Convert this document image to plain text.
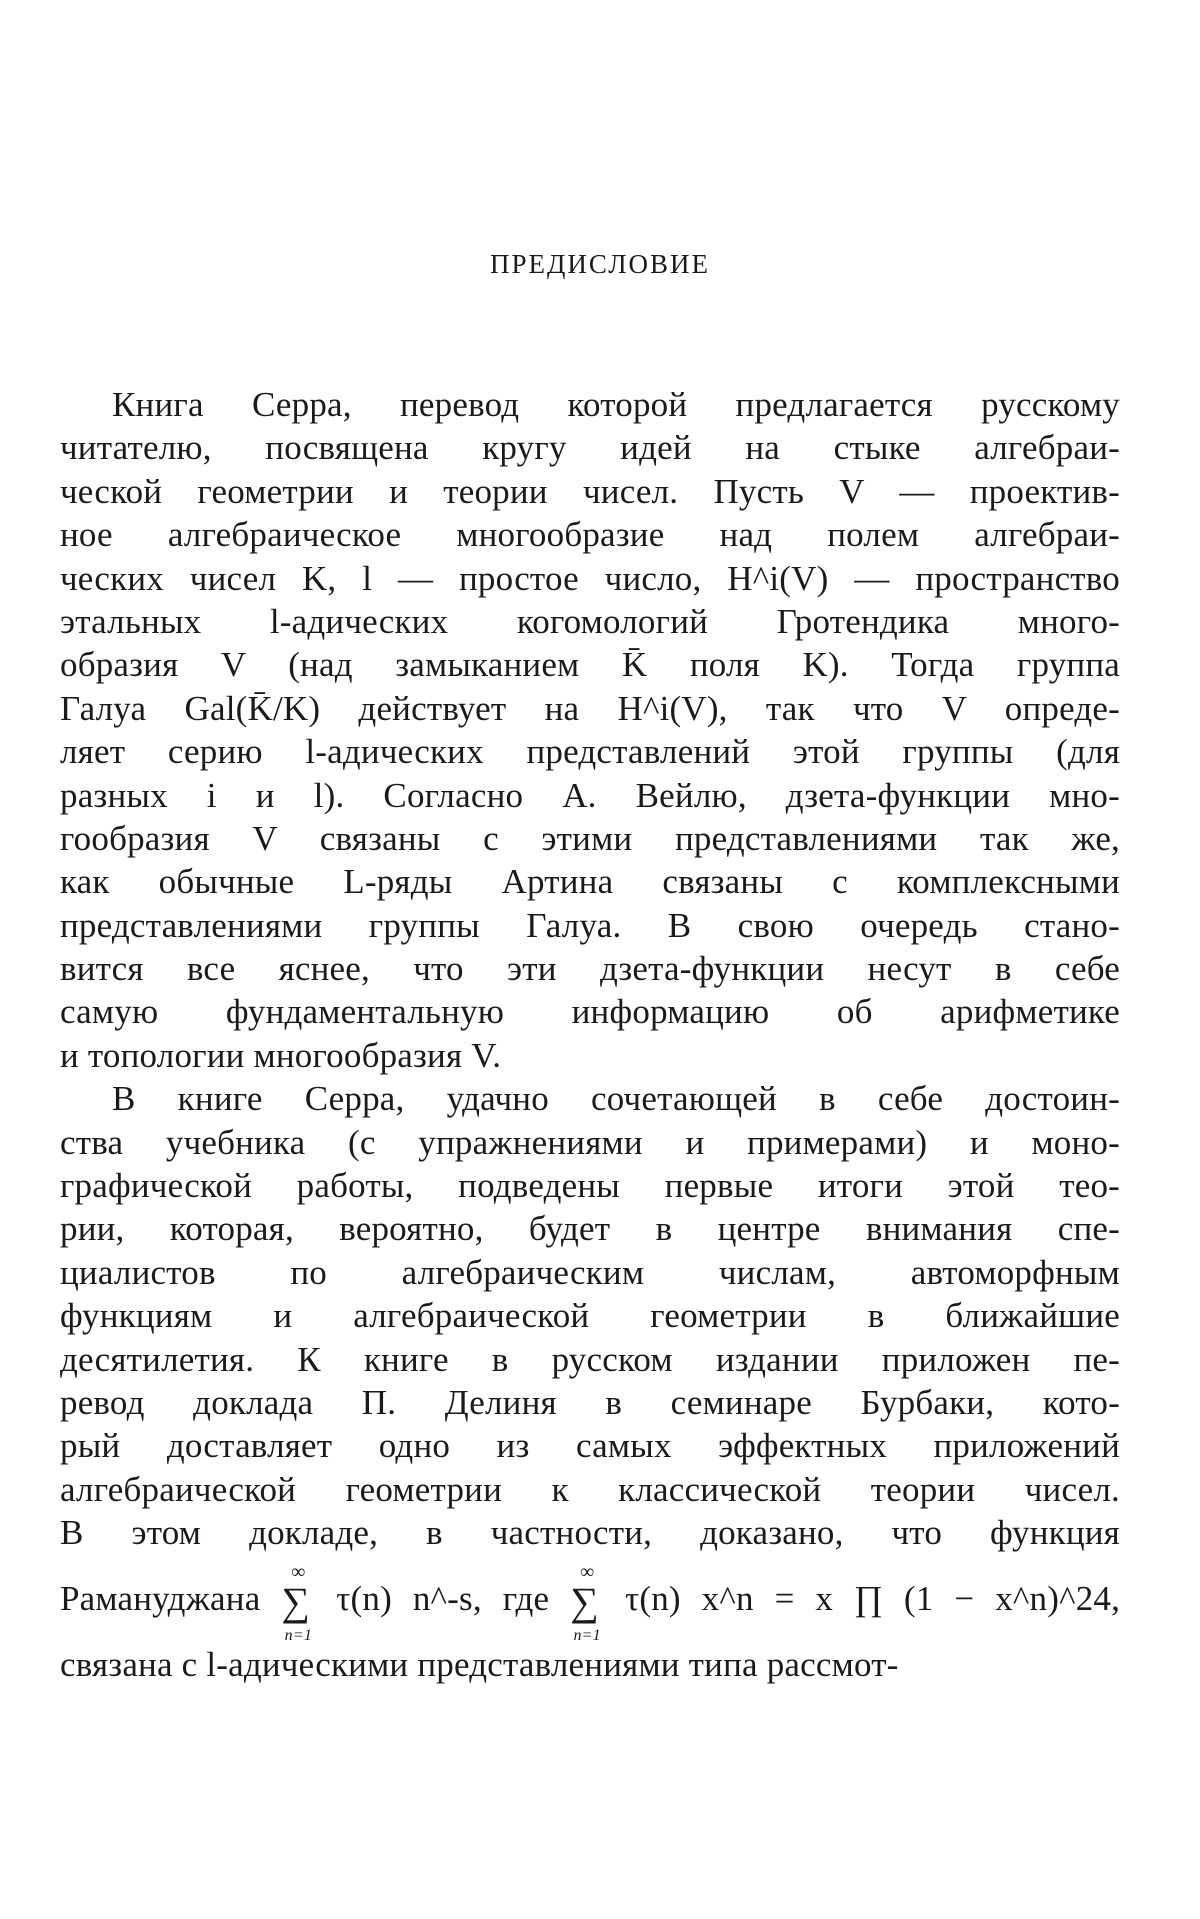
ПРЕДИСЛОВИЕ
Книга Серра, перевод которой предлагается русскому
читателю, посвящена кругу идей на стыке алгебраи-
ческой геометрии и теории чисел. Пусть V — проектив-
ное алгебраическое многообразие над полем алгебраи-
ческих чисел K, l — простое число, H^i(V) — пространство
этальных l-адических когомологий Гротендика много-
образия V (над замыканием K̄ поля K). Тогда группа
Галуа Gal(K̄/K) действует на H^i(V), так что V опреде-
ляет серию l-адических представлений этой группы (для
разных i и l). Согласно А. Вейлю, дзета-функции мно-
гообразия V связаны с этими представлениями так же,
как обычные L-ряды Артина связаны с комплексными
представлениями группы Галуа. В свою очередь стано-
вится все яснее, что эти дзета-функции несут в себе
самую фундаментальную информацию об арифметике
и топологии многообразия V.
В книге Серра, удачно сочетающей в себе достоин-
ства учебника (с упражнениями и примерами) и моно-
графической работы, подведены первые итоги этой тео-
рии, которая, вероятно, будет в центре внимания спе-
циалистов по алгебраическим числам, автоморфным
функциям и алгебраической геометрии в ближайшие
десятилетия. К книге в русском издании приложен пе-
ревод доклада П. Делиня в семинаре Бурбаки, кото-
рый доставляет одно из самых эффектных приложений
алгебраической геометрии к классической теории чисел.
В этом докладе, в частности, доказано, что функция
Рамануджана ∑
∞
n=1
τ(n) n^-s, где ∑
∞
n=1
τ(n) x^n = x ∏ (1 − x^n)^24,
связана с l-адическими представлениями типа рассмот-
